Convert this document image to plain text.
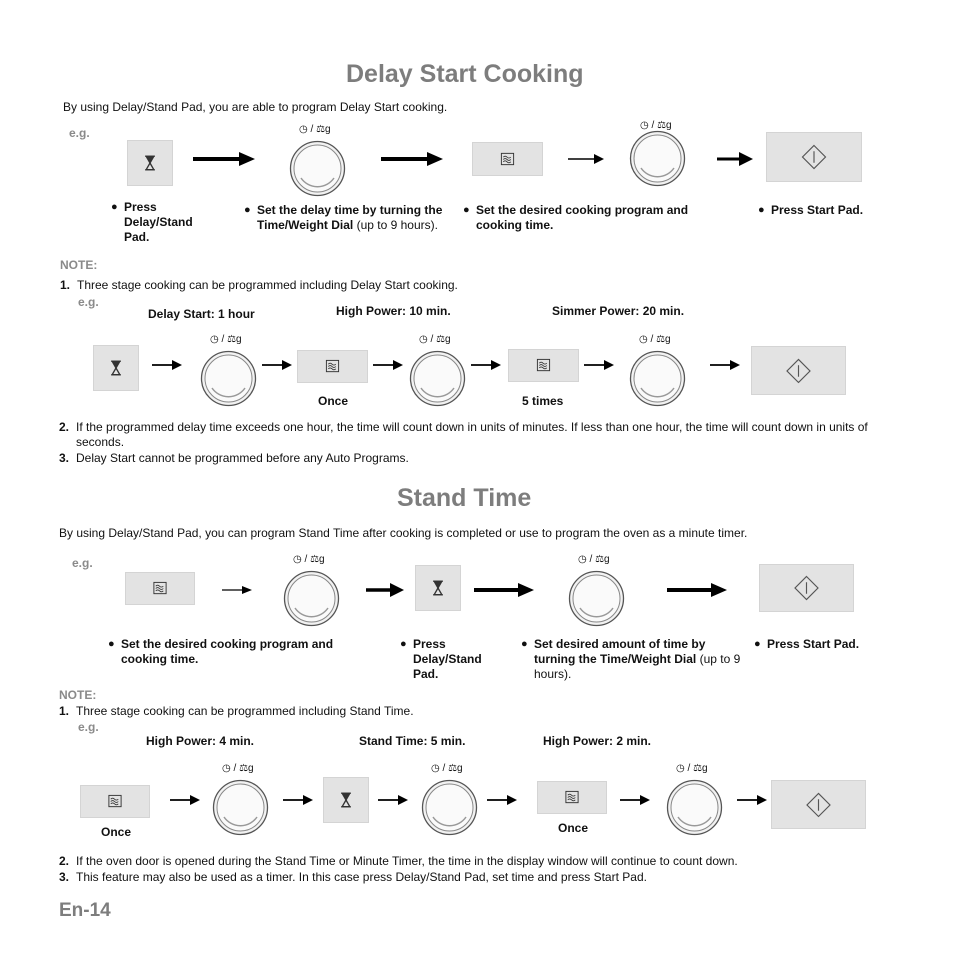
Delay Start Cooking
By using Delay/Stand Pad, you are able to program Delay Start cooking.
e.g.	◷ / ⚖g	◷ / ⚖g
● Press Delay/Stand Pad.
● Set the delay time by turning the Time/Weight Dial (up to 9 hours).
● Set the desired cooking program and cooking time.
● Press Start Pad.
NOTE:
1. Three stage cooking can be programmed including Delay Start cooking.
e.g.
Delay Start: 1 hour	High Power: 10 min.	Simmer Power: 20 min.
◷ / ⚖g	◷ / ⚖g	◷ / ⚖g
Once	5 times
2. If the programmed delay time exceeds one hour, the time will count down in units of minutes. If less than one hour, the time will count down in units of seconds.
3. Delay Start cannot be programmed before any Auto Programs.
Stand Time
By using Delay/Stand Pad, you can program Stand Time after cooking is completed or use to program the oven as a minute timer.
e.g.	◷ / ⚖g	◷ / ⚖g
● Set the desired cooking program and cooking time.
● Press Delay/Stand Pad.
● Set desired amount of time by turning the Time/Weight Dial (up to 9 hours).
● Press Start Pad.
NOTE:
1. Three stage cooking can be programmed including Stand Time.
e.g.
High Power: 4 min.	Stand Time: 5 min.	High Power: 2 min.
◷ / ⚖g	◷ / ⚖g	◷ / ⚖g
Once	Once
2. If the oven door is opened during the Stand Time or Minute Timer, the time in the display window will continue to count down.
3. This feature may also be used as a timer. In this case press Delay/Stand Pad, set time and press Start Pad.
En-14
